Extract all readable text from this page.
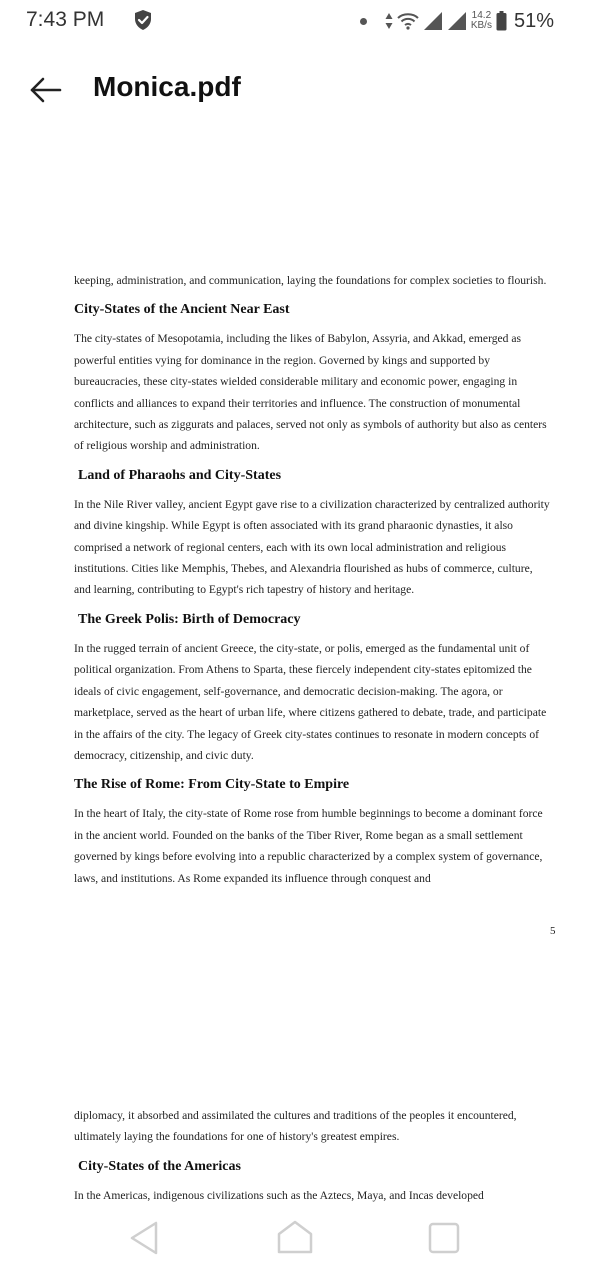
7:43 PM	14.2
KB/s 51%
Monica.pdf

keeping, administration, and communication, laying the foundations for complex societies to flourish.

City-States of the Ancient Near East

The city-states of Mesopotamia, including the likes of Babylon, Assyria, and Akkad, emerged as powerful entities vying for dominance in the region. Governed by kings and supported by bureaucracies, these city-states wielded considerable military and economic power, engaging in conflicts and alliances to expand their territories and influence. The construction of monumental architecture, such as ziggurats and palaces, served not only as symbols of authority but also as centers of religious worship and administration.

Land of Pharaohs and City-States

In the Nile River valley, ancient Egypt gave rise to a civilization characterized by centralized authority and divine kingship. While Egypt is often associated with its grand pharaonic dynasties, it also comprised a network of regional centers, each with its own local administration and religious institutions. Cities like Memphis, Thebes, and Alexandria flourished as hubs of commerce, culture, and learning, contributing to Egypt's rich tapestry of history and heritage.

The Greek Polis: Birth of Democracy

In the rugged terrain of ancient Greece, the city-state, or polis, emerged as the fundamental unit of political organization. From Athens to Sparta, these fiercely independent city-states epitomized the ideals of civic engagement, self-governance, and democratic decision-making. The agora, or marketplace, served as the heart of urban life, where citizens gathered to debate, trade, and participate in the affairs of the city. The legacy of Greek city-states continues to resonate in modern concepts of democracy, citizenship, and civic duty.

The Rise of Rome: From City-State to Empire

In the heart of Italy, the city-state of Rome rose from humble beginnings to become a dominant force in the ancient world. Founded on the banks of the Tiber River, Rome began as a small settlement governed by kings before evolving into a republic characterized by a complex system of governance, laws, and institutions. As Rome expanded its influence through conquest and

5

diplomacy, it absorbed and assimilated the cultures and traditions of the peoples it encountered, ultimately laying the foundations for one of history's greatest empires.

City-States of the Americas

In the Americas, indigenous civilizations such as the Aztecs, Maya, and Incas developed
